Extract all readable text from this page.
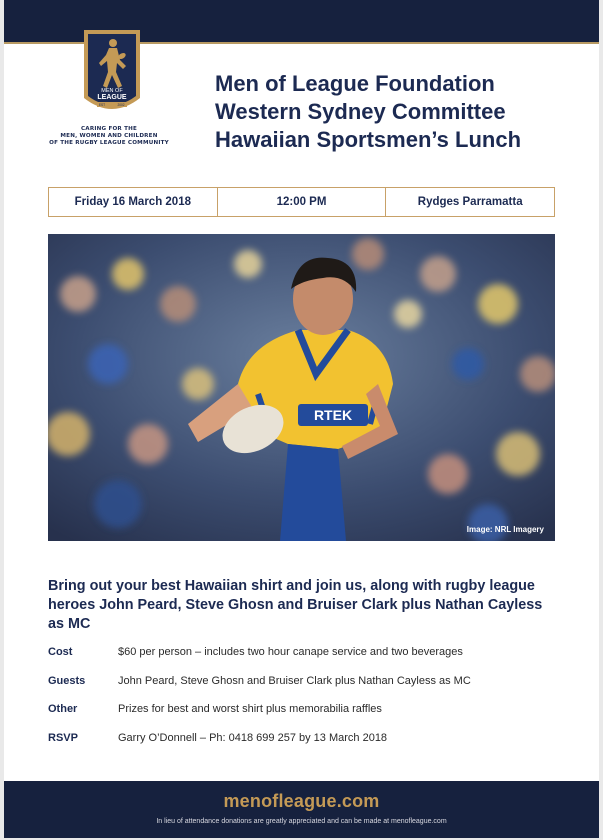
MEN OF
LEAGUE
EST	2002
CARING FOR THE
MEN, WOMEN AND CHILDREN
OF THE RUGBY LEAGUE COMMUNITY
Men of League Foundation
Western Sydney Committee
Hawaiian Sportsmen’s Lunch
Friday 16 March 2018	12:00 PM	Rydges Parramatta
RTEK
Image: NRL Imagery
Bring out your best Hawaiian shirt and join us, along with rugby league heroes John Peard, Steve Ghosn and Bruiser Clark plus Nathan Cayless as MC
Cost	$60 per person – includes two hour canape service and two beverages
Guests	John Peard, Steve Ghosn and Bruiser Clark plus Nathan Cayless as MC
Other	Prizes for best and worst shirt plus memorabilia raffles
RSVP	Garry O’Donnell – Ph: 0418 699 257 by 13 March 2018
menofleague.com
In lieu of attendance donations are greatly appreciated and can be made at menofleague.com
